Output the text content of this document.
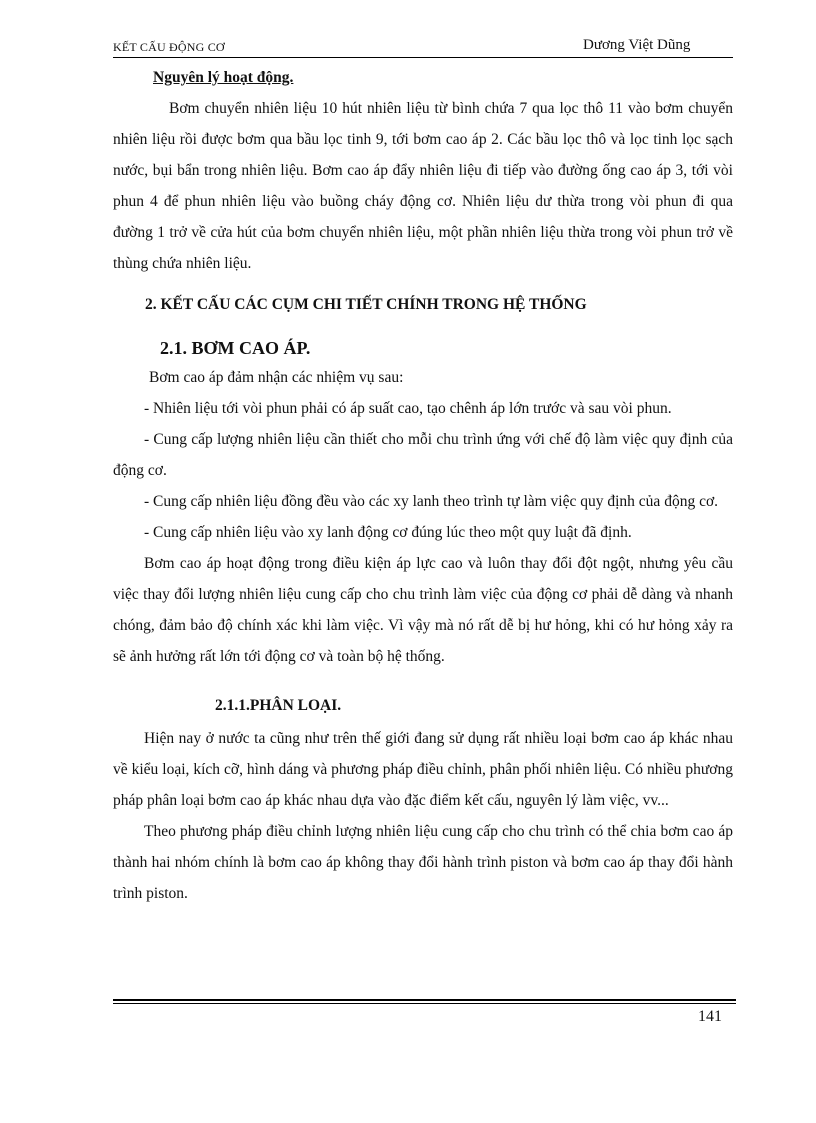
KẾT CẤU ĐỘNG CƠ	Dương Việt Dũng
Nguyên lý hoạt động.

Bơm chuyển nhiên liệu 10 hút nhiên liệu từ bình chứa 7 qua lọc thô 11 vào bơm chuyển nhiên liệu rồi được bơm qua bầu lọc tinh 9, tới bơm cao áp 2. Các bầu lọc thô và lọc tinh lọc sạch nước, bụi bẩn trong nhiên liệu. Bơm cao áp đẩy nhiên liệu đi tiếp vào đường ống cao áp 3, tới vòi phun 4 để phun nhiên liệu vào buồng cháy động cơ. Nhiên liệu dư thừa trong vòi phun đi qua đường 1 trở về cửa hút của bơm chuyển nhiên liệu, một phần nhiên liệu thừa trong vòi phun trở về thùng chứa nhiên liệu.

2. KẾT CẤU CÁC CỤM CHI TIẾT CHÍNH TRONG HỆ THỐNG
2.1. BƠM CAO ÁP.

Bơm cao áp đảm nhận các nhiệm vụ sau:

- Nhiên liệu tới vòi phun phải có áp suất cao, tạo chênh áp lớn trước và sau vòi phun.

- Cung cấp lượng nhiên liệu cần thiết cho mỗi chu trình ứng với chế độ làm việc quy định của động cơ.

- Cung cấp nhiên liệu đồng đều vào các xy lanh theo trình tự làm việc quy định của động cơ.

- Cung cấp nhiên liệu vào xy lanh động cơ đúng lúc theo một quy luật đã định.

Bơm cao áp hoạt động trong điều kiện áp lực cao và luôn thay đổi đột ngột, nhưng yêu cầu việc thay đổi lượng nhiên liệu cung cấp cho chu trình làm việc của động cơ phải dễ dàng và nhanh chóng, đảm bảo độ chính xác khi làm việc. Vì vậy mà nó rất dễ bị hư hỏng, khi có hư hỏng xảy ra sẽ ảnh hưởng rất lớn tới động cơ và toàn bộ hệ thống.

2.1.1.PHÂN LOẠI.

Hiện nay ở nước ta cũng như trên thế giới đang sử dụng rất nhiều loại bơm cao áp khác nhau về kiểu loại, kích cỡ, hình dáng và phương pháp điều chỉnh, phân phối nhiên liệu. Có nhiều phương pháp phân loại bơm cao áp khác nhau dựa vào đặc điểm kết cấu, nguyên lý làm việc, vv...

Theo phương pháp điều chỉnh lượng nhiên liệu cung cấp cho chu trình có thể chia bơm cao áp thành hai nhóm chính là bơm cao áp không thay đổi hành trình piston và bơm cao áp thay đổi hành trình piston.

141
